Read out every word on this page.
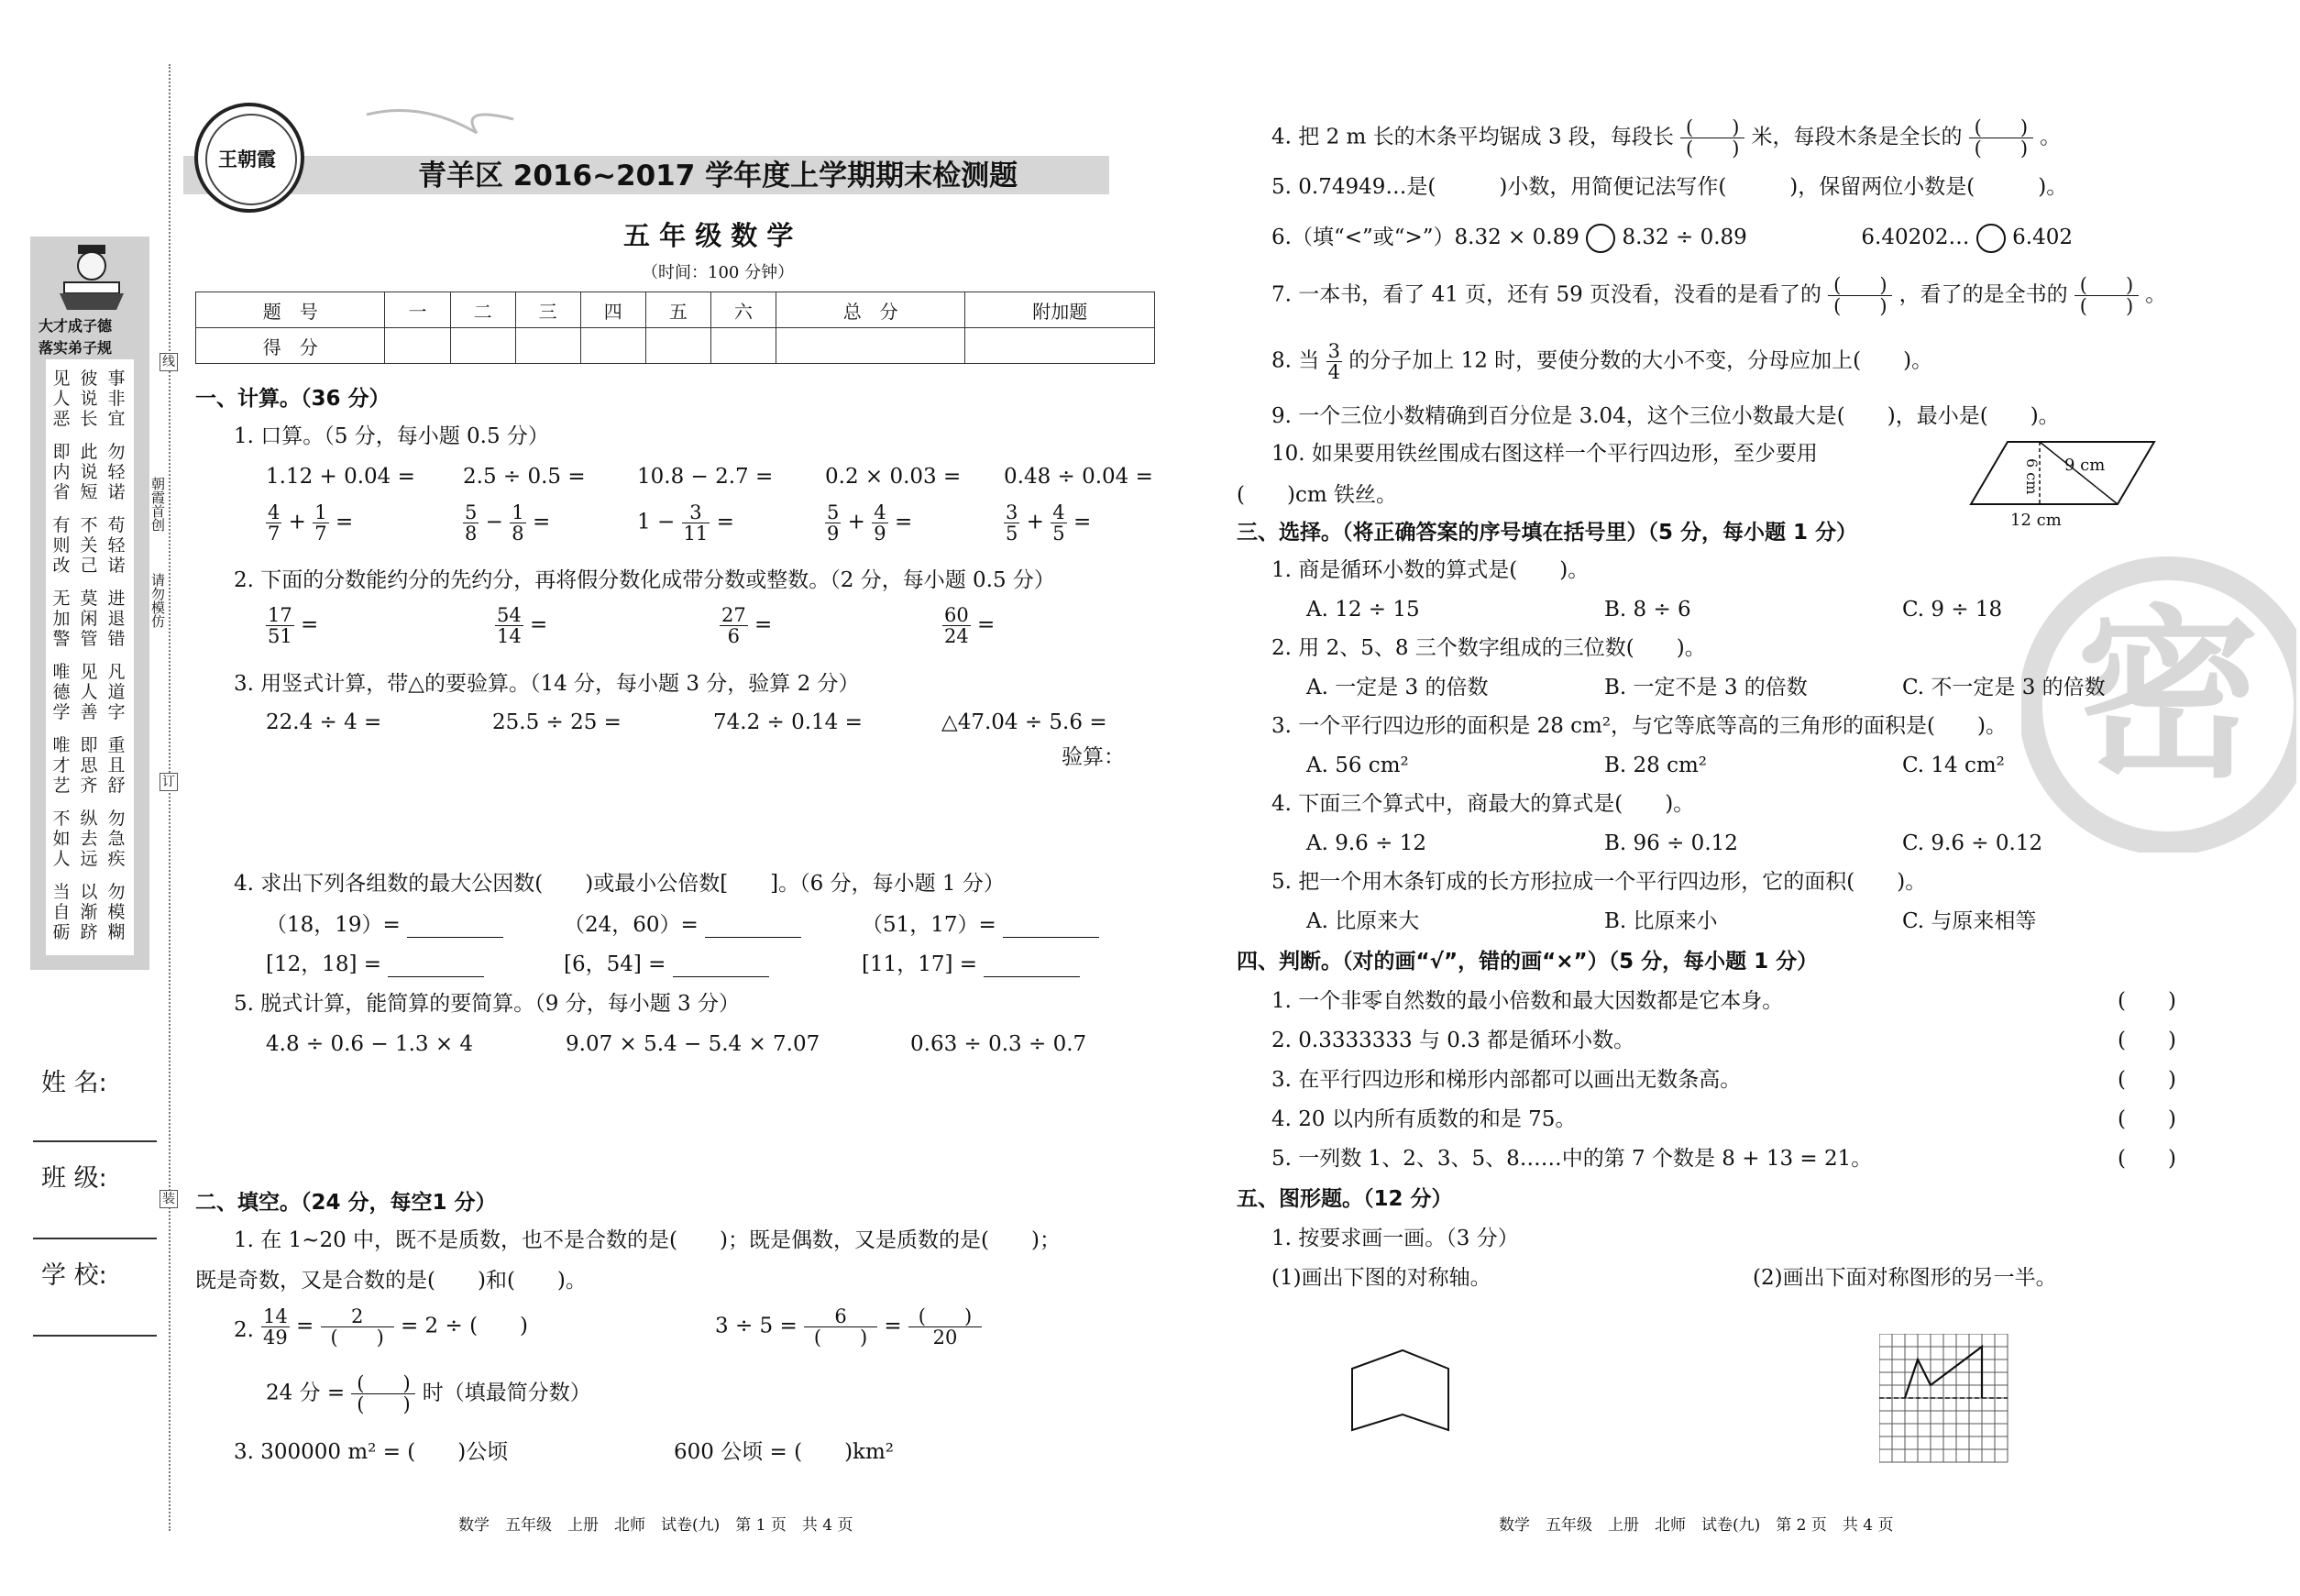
大才成子德
落实弟子规
见
人
恶
彼
说
长
事
非
宜
即
内
省
此
说
短
勿
轻
诺
有
则
改
不
关
己
苟
轻
诺
无
加
警
莫
闲
管
进
退
错
唯
德
学
见
人
善
凡
道
字
唯
才
艺
即
思
齐
重
且
舒
不
如
人
纵
去
远
勿
急
疾
当
自
砺
以
渐
跻
勿
模
糊
朝霞首创
请勿模仿
线
订
装
姓 名:
班 级:
学 校:
王朝霞
青羊区 2016~2017 学年度上学期期末检测题
五 年 级 数 学
（时间：100 分钟）
题　号	一	二	三	四	五	六	总　分	附加题
得　分								
一、计算。（36 分）
1. 口算。（5 分，每小题 0.5 分）
1.12 + 0.04 = 2.5 ÷ 0.5 = 10.8 − 2.7 = 0.2 × 0.03 = 0.48 ÷ 0.04 =
$\frac{4}{7} + \frac{1}{7}$ =	$\frac{5}{8} - \frac{1}{8}$ =	$1 - \frac{3}{11}$ =	$\frac{5}{9} + \frac{4}{9}$ =	$\frac{3}{5} + \frac{4}{5}$ =
2. 下面的分数能约分的先约分，再将假分数化成带分数或整数。（2 分，每小题 0.5 分）
$\frac{17}{51}$ =	$\frac{54}{14}$ =	$\frac{27}{6}$ =	$\frac{60}{24}$ =
3. 用竖式计算，带△的要验算。（14 分，每小题 3 分，验算 2 分）
22.4 ÷ 4 =	25.5 ÷ 25 =	74.2 ÷ 0.14 =	△47.04 ÷ 5.6 =
验算：
4. 求出下列各组数的最大公因数(　　)或最小公倍数[　　]。（6 分，每小题 1 分）
（18，19）=	（24，60）=	（51，17）=
[12，18] =	[6，54] =	[11，17] =
5. 脱式计算，能简算的要简算。（9 分，每小题 3 分）
4.8 ÷ 0.6 − 1.3 × 4	9.07 × 5.4 − 5.4 × 7.07	0.63 ÷ 0.3 ÷ 0.7
二、填空。（24 分，每空1 分）
1. 在 1~20 中，既不是质数，也不是合数的是(　　)；既是偶数，又是质数的是(　　)；
既是奇数，又是合数的是(　　)和(　　)。
2. $\frac{14}{49} = \frac{2}{( )} = 2$ ÷ (　　)	$3 \div 5 = \frac{6}{( )} = \frac{( )}{20}$
24 分 = $\frac{( )}{( )}$ 时（填最简分数）
3. 300000 m² = (　　)公顷	600 公顷 = (　　)km²
数学　五年级　上册　北师　试卷(九)　第 1 页　共 4 页
4. 把 2 m 长的木条平均锯成 3 段，每段长 $\frac{( )}{( )}$ 米，每段木条是全长的 $\frac{( )}{( )}$ 。
5. 0.74949…是(　　　)小数，用简便记法写作(　　　)，保留两位小数是(　　　)。
6.（填“<”或“>”）8.32 × 0.89 8.32 ÷ 0.89	6.40202… 6.402
7. 一本书，看了 41 页，还有 59 页没看，没看的是看了的 $\frac{( )}{( )}$ ，看了的是全书的 $\frac{( )}{( )}$ 。
8. 当 $\frac{3}{4}$ 的分子加上 12 时，要使分数的大小不变，分母应加上(　　)。
9. 一个三位小数精确到百分位是 3.04，这个三位小数最大是(　　)，最小是(　　)。
10. 如果要用铁丝围成右图这样一个平行四边形，至少要用
(　　)cm 铁丝。
9 cm
6 cm
12 cm
密
三、选择。（将正确答案的序号填在括号里）（5 分，每小题 1 分）
1. 商是循环小数的算式是(　　)。
A. 12 ÷ 15	B. 8 ÷ 6	C. 9 ÷ 18
2. 用 2、5、8 三个数字组成的三位数(　　)。
A. 一定是 3 的倍数	B. 一定不是 3 的倍数	C. 不一定是 3 的倍数
3. 一个平行四边形的面积是 28 cm²，与它等底等高的三角形的面积是(　　)。
A. 56 cm²	B. 28 cm²	C. 14 cm²
4. 下面三个算式中，商最大的算式是(　　)。
A. 9.6 ÷ 12	B. 96 ÷ 0.12	C. 9.6 ÷ 0.12
5. 把一个用木条钉成的长方形拉成一个平行四边形，它的面积(　　)。
A. 比原来大	B. 比原来小	C. 与原来相等
四、判断。（对的画“√”，错的画“×”）（5 分，每小题 1 分）
1. 一个非零自然数的最小倍数和最大因数都是它本身。	(　　)
2. 0.3333333 与 0.3 都是循环小数。	(　　)
3. 在平行四边形和梯形内部都可以画出无数条高。	(　　)
4. 20 以内所有质数的和是 75。	(　　)
5. 一列数 1、2、3、5、8……中的第 7 个数是 8 + 13 = 21。	(　　)
五、图形题。（12 分）
1. 按要求画一画。（3 分）
(1)画出下图的对称轴。	(2)画出下面对称图形的另一半。
数学　五年级　上册　北师　试卷(九)　第 2 页　共 4 页
